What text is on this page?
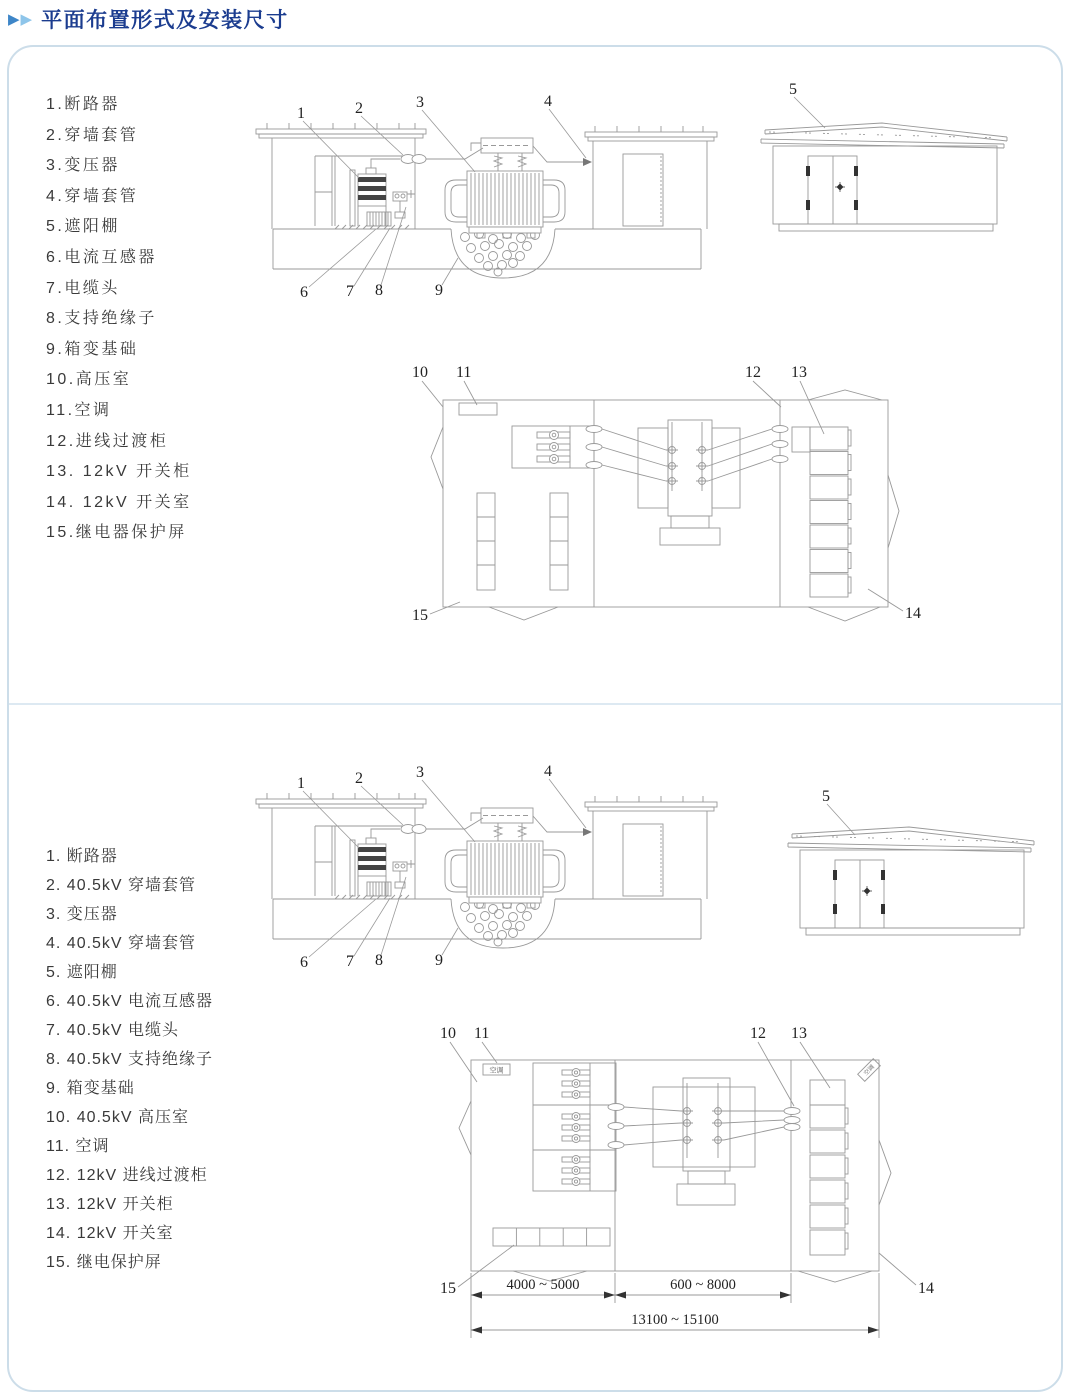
▶ ▶ 平面布置形式及安装尺寸
1.断路器
2.穿墙套管
3.变压器
4.穿墙套管
5.遮阳棚
6.电流互感器
7.电缆头
8.支持绝缘子
9.箱变基础
10.高压室
11.空调
12.进线过渡柜
13. 12kV 开关柜
14. 12kV 开关室
15.继电器保护屏
1	2	3	4
6 7 8	9
5
10 11	12 13
14
15
1. 断路器
2. 40.5kV 穿墙套管
3. 变压器
4. 40.5kV 穿墙套管
5. 遮阳棚
6. 40.5kV 电流互感器
7. 40.5kV 电缆头
8. 40.5kV 支持绝缘子
9. 箱变基础
10. 40.5kV 高压室
11. 空调
12. 12kV 进线过渡柜
13. 12kV 开关柜
14. 12kV 开关室
15. 继电保护屏
1	2	3	4
6 7 8	9
5
空调	空调
4000 ~ 5000	600 ~ 8000
13100 ~ 15100
10 11	12 13
14
15
